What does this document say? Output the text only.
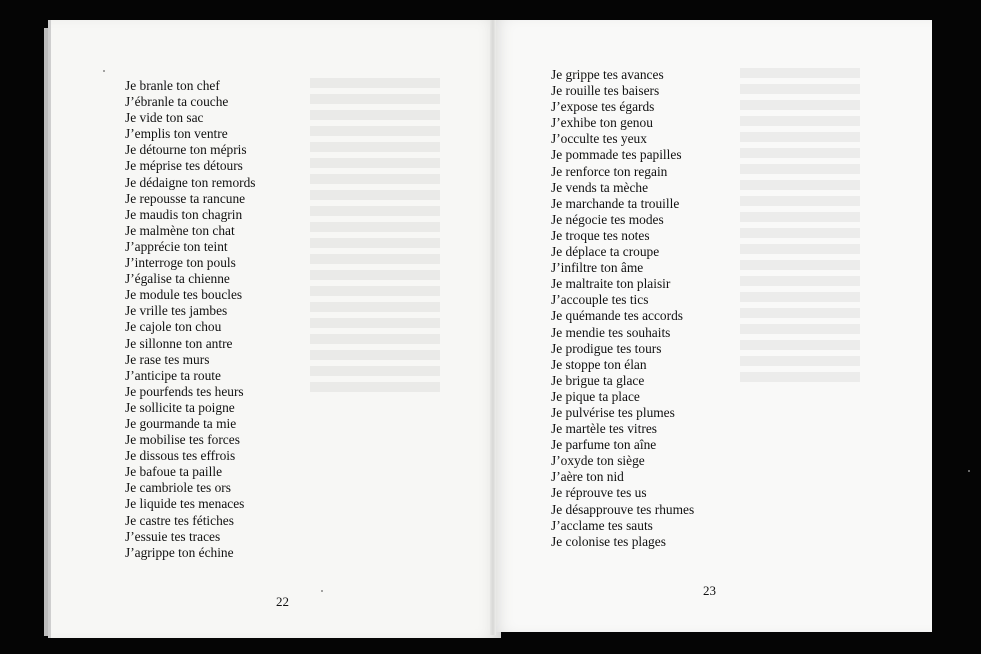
Je branle ton chef
J’ébranle ta couche
Je vide ton sac
J’emplis ton ventre
Je détourne ton mépris
Je méprise tes détours
Je dédaigne ton remords
Je repousse ta rancune
Je maudis ton chagrin
Je malmène ton chat
J’apprécie ton teint
J’interroge ton pouls
J’égalise ta chienne
Je module tes boucles
Je vrille tes jambes
Je cajole ton chou
Je sillonne ton antre
Je rase tes murs
J’anticipe ta route
Je pourfends tes heurs
Je sollicite ta poigne
Je gourmande ta mie
Je mobilise tes forces
Je dissous tes effrois
Je bafoue ta paille
Je cambriole tes ors
Je liquide tes menaces
Je castre tes fétiches
J’essuie tes traces
J’agrippe ton échine
Je grippe tes avances
Je rouille tes baisers
J’expose tes égards
J’exhibe ton genou
J’occulte tes yeux
Je pommade tes papilles
Je renforce ton regain
Je vends ta mèche
Je marchande ta trouille
Je négocie tes modes
Je troque tes notes
Je déplace ta croupe
J’infiltre ton âme
Je maltraite ton plaisir
J’accouple tes tics
Je quémande tes accords
Je mendie tes souhaits
Je prodigue tes tours
Je stoppe ton élan
Je brigue ta glace
Je pique ta place
Je pulvérise tes plumes
Je martèle tes vitres
Je parfume ton aîne
J’oxyde ton siège
J’aère ton nid
Je réprouve tes us
Je désapprouve tes rhumes
J’acclame tes sauts
Je colonise tes plages
22
23
